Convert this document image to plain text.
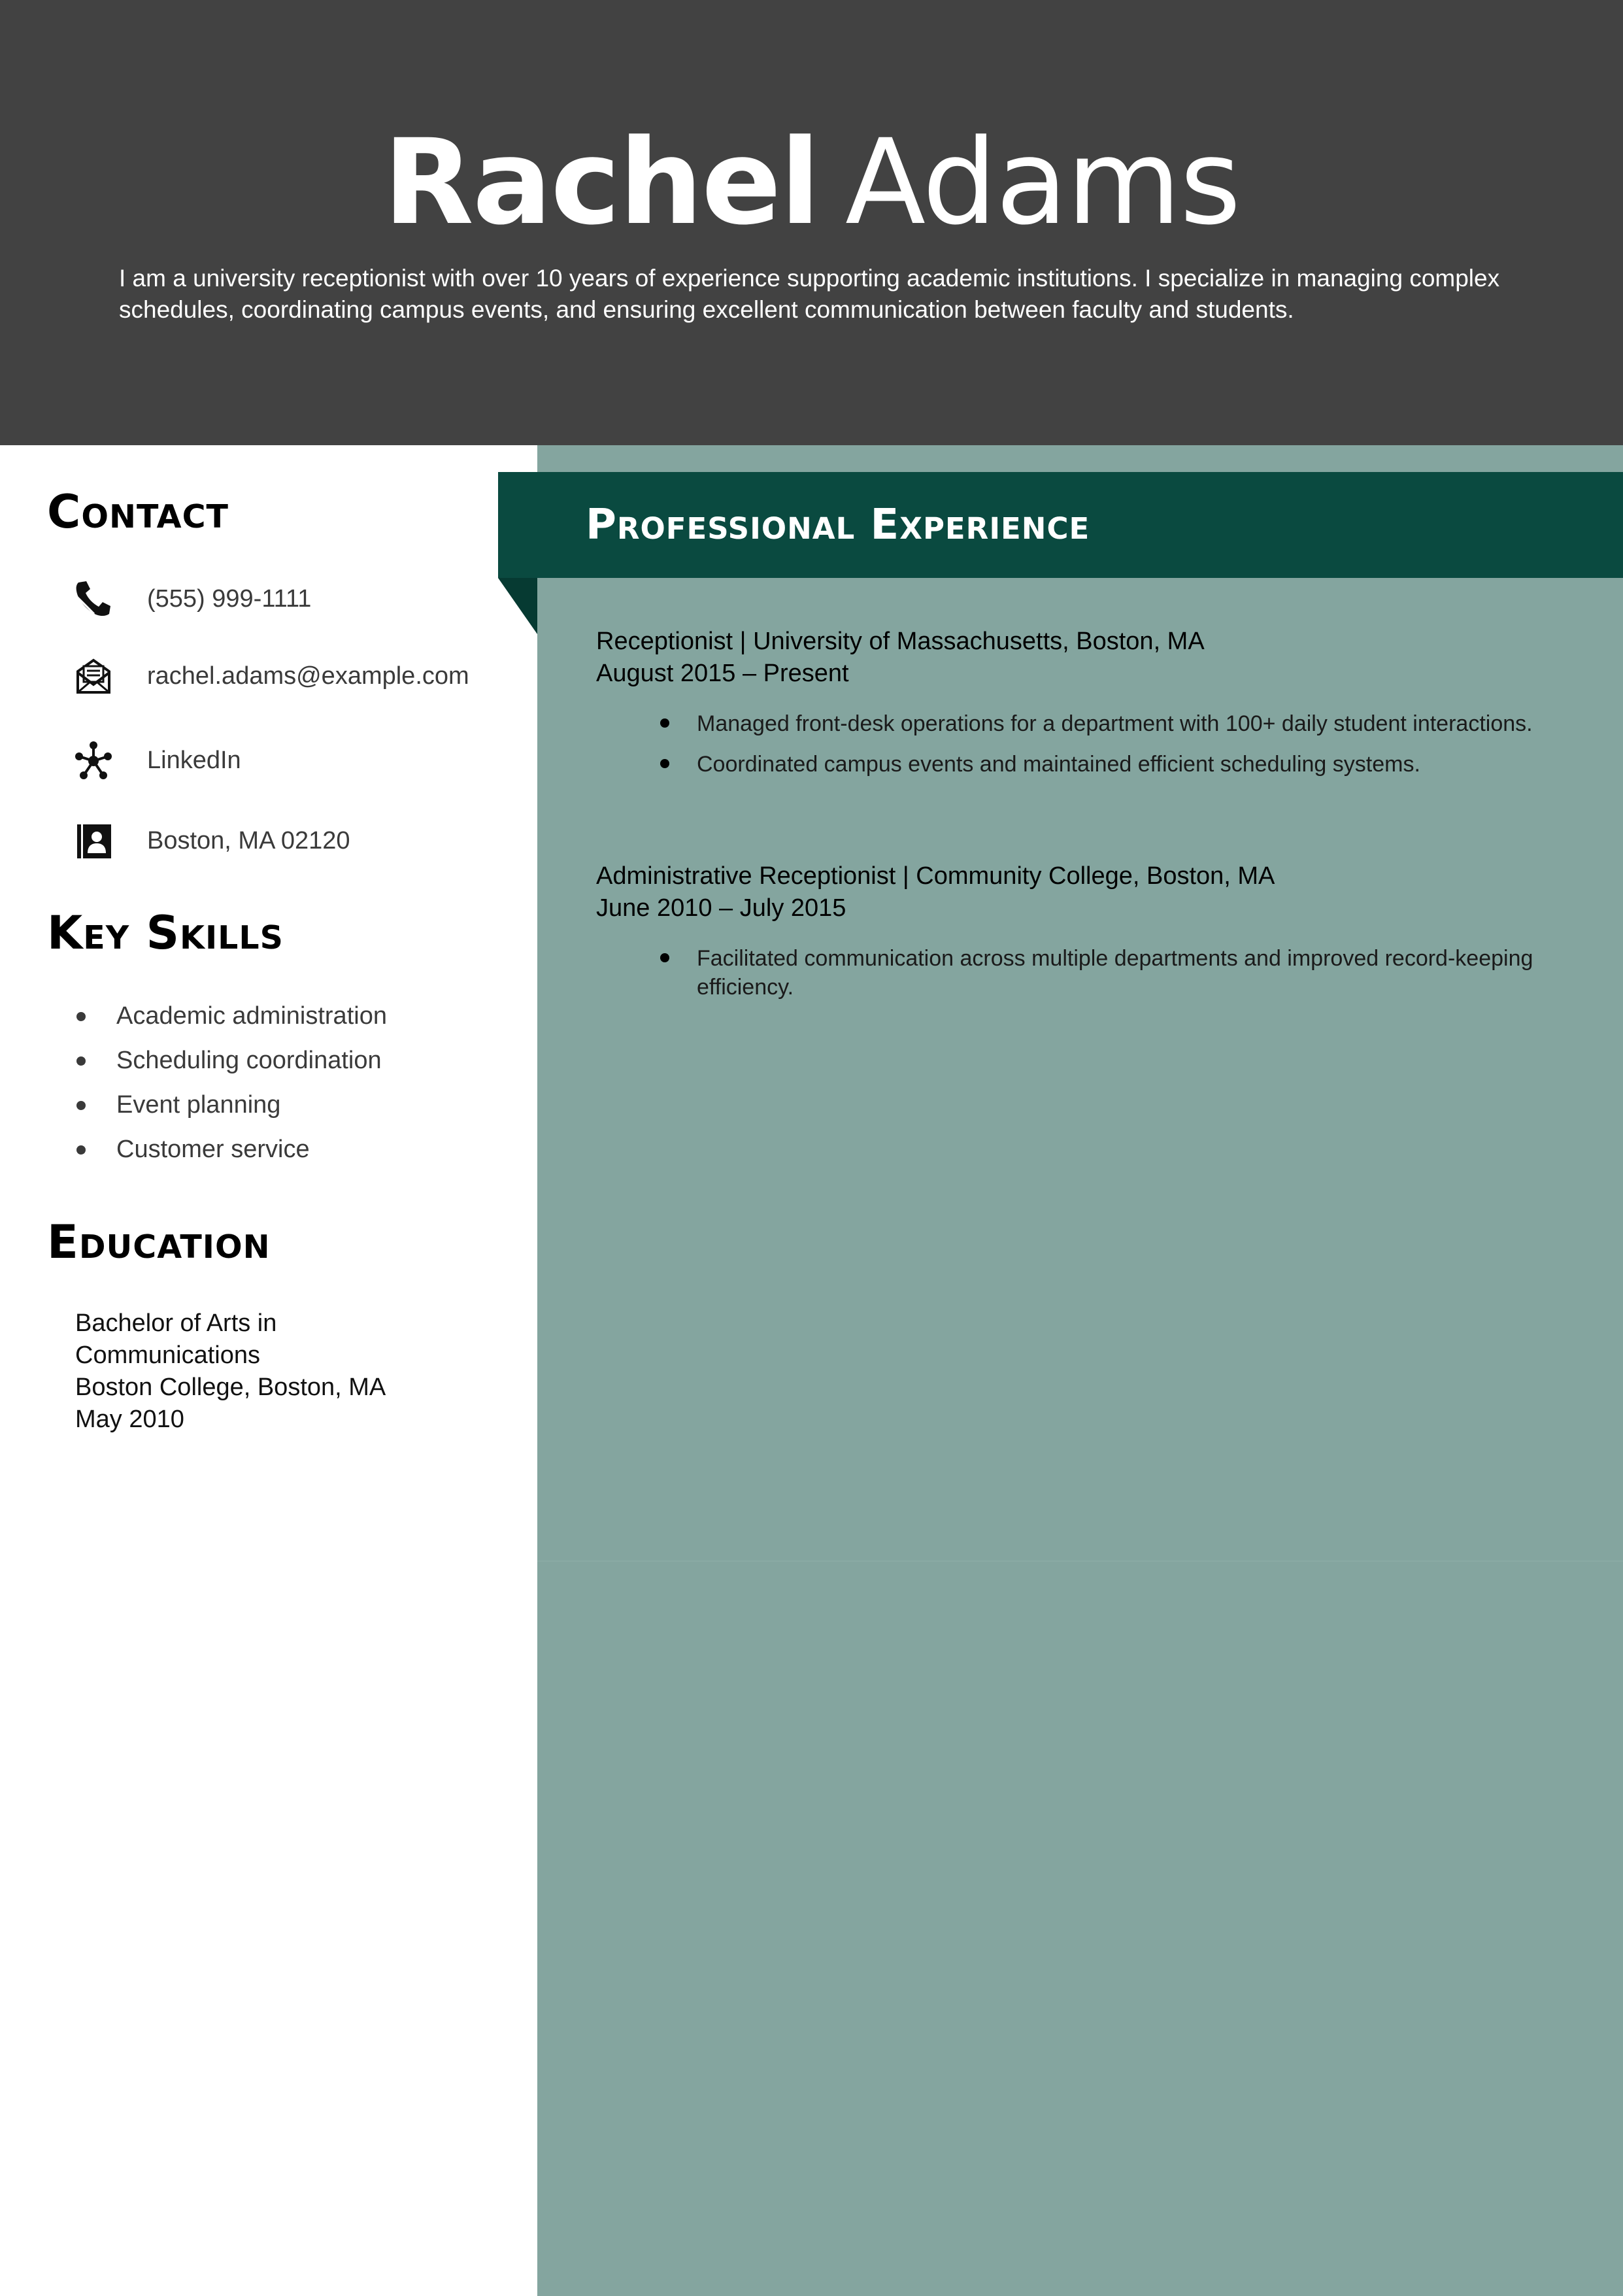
Rachel Adams
I am a university receptionist with over 10 years of experience supporting academic institutions. I specialize in managing complex schedules, coordinating campus events, and ensuring excellent communication between faculty and students.
Professional Experience
Contact
(555) 999-1111
rachel.adams@example.com
LinkedIn
Boston, MA 02120
Key Skills
Academic administration
Scheduling coordination
Event planning
Customer service
Education
Bachelor of Arts in
Communications
Boston College, Boston, MA
May 2010
Receptionist | University of Massachusetts, Boston, MA
August 2015 – Present
Managed front-desk operations for a department with 100+ daily student interactions.
Coordinated campus events and maintained efficient scheduling systems.
Administrative Receptionist | Community College, Boston, MA
June 2010 – July 2015
Facilitated communication across multiple departments and improved record-keeping efficiency.
